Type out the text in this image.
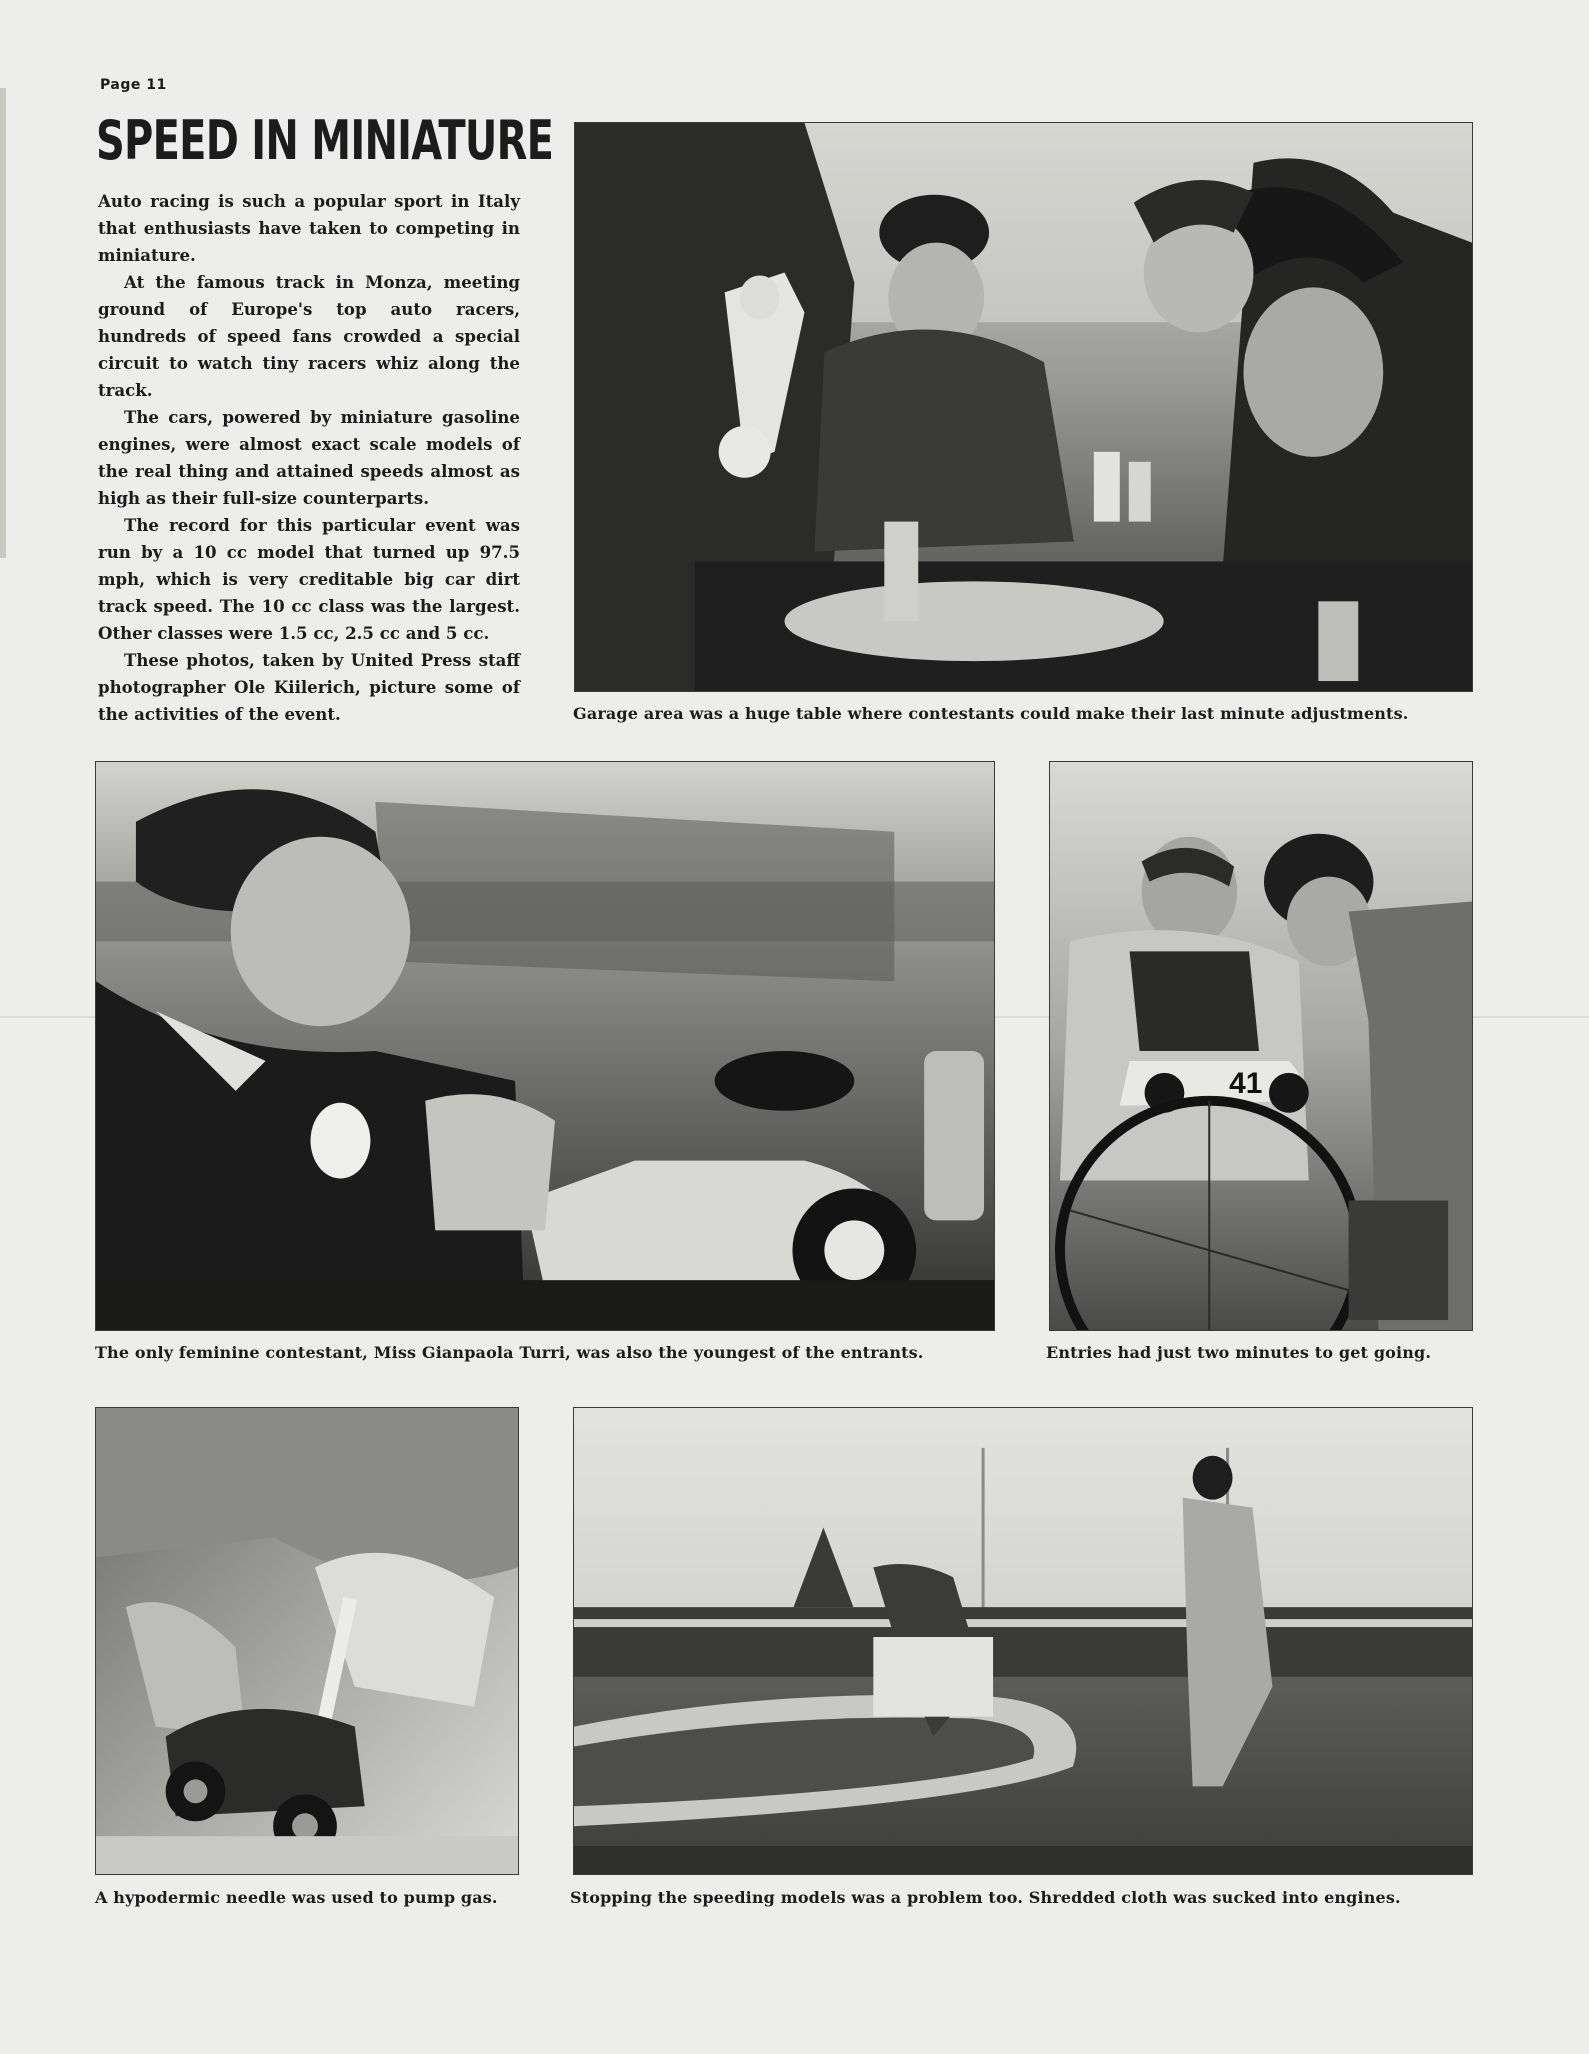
Page 11
SPEED IN MINIATURE

Auto racing is such a popular sport in Italy that enthusiasts have taken to competing in miniature.

At the famous track in Monza, meeting ground of Europe's top auto racers, hundreds of speed fans crowded a special circuit to watch tiny racers whiz along the track.

The cars, powered by miniature gasoline engines, were almost exact scale models of the real thing and attained speeds almost as high as their full-size counterparts.

The record for this particular event was run by a 10 cc model that turned up 97.5 mph, which is very creditable big car dirt track speed. The 10 cc class was the largest. Other classes were 1.5 cc, 2.5 cc and 5 cc.

These photos, taken by United Press staff photographer Ole Kiilerich, picture some of the activities of the event.	Garage area was a huge table where contestants could make their last minute adjustments.
The only feminine contestant, Miss Gianpaola Turri, was also the youngest of the entrants.
41
Entries had just two minutes to get going.
A hypodermic needle was used to pump gas.	Stopping the speeding models was a problem too. Shredded cloth was sucked into engines.
